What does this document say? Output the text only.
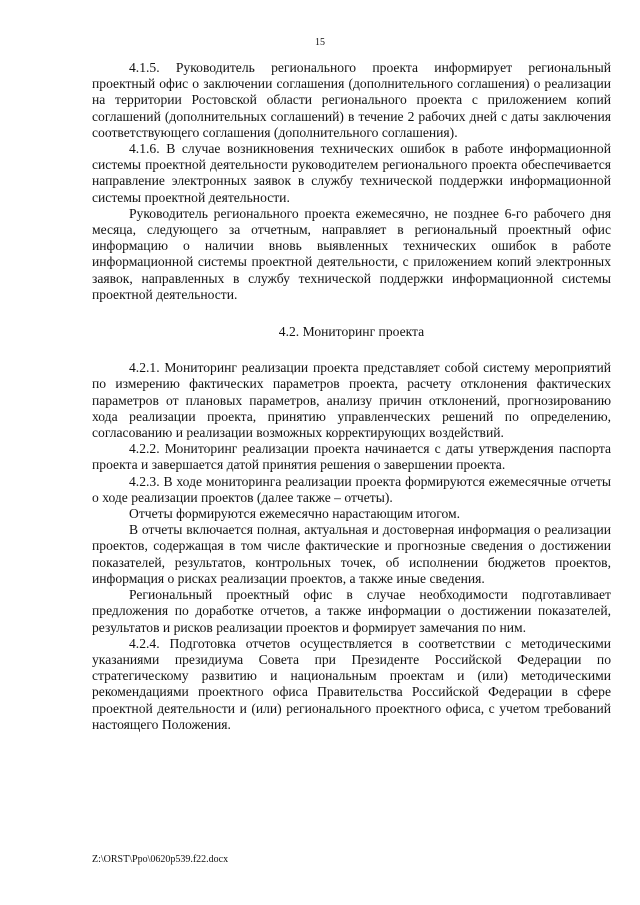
15

4.1.5. Руководитель регионального проекта информирует региональный проектный офис о заключении соглашения (дополнительного соглашения) о реализации на территории Ростовской области регионального проекта с приложением копий соглашений (дополнительных соглашений) в течение 2 рабочих дней с даты заключения соответствующего соглашения (дополнительного соглашения).

4.1.6. В случае возникновения технических ошибок в работе информационной системы проектной деятельности руководителем регионального проекта обеспечивается направление электронных заявок в службу технической поддержки информационной системы проектной деятельности.

Руководитель регионального проекта ежемесячно, не позднее 6-го рабочего дня месяца, следующего за отчетным, направляет в региональный проектный офис информацию о наличии вновь выявленных технических ошибок в работе информационной системы проектной деятельности, с приложением копий электронных заявок, направленных в службу технической поддержки информационной системы проектной деятельности.

4.2. Мониторинг проекта

4.2.1. Мониторинг реализации проекта представляет собой систему мероприятий по измерению фактических параметров проекта, расчету отклонения фактических параметров от плановых параметров, анализу причин отклонений, прогнозированию хода реализации проекта, принятию управленческих решений по определению, согласованию и реализации возможных корректирующих воздействий.

4.2.2. Мониторинг реализации проекта начинается с даты утверждения паспорта проекта и завершается датой принятия решения о завершении проекта.

4.2.3. В ходе мониторинга реализации проекта формируются ежемесячные отчеты о ходе реализации проектов (далее также – отчеты).

Отчеты формируются ежемесячно нарастающим итогом.

В отчеты включается полная, актуальная и достоверная информация о реализации проектов, содержащая в том числе фактические и прогнозные сведения о достижении показателей, результатов, контрольных точек, об исполнении бюджетов проектов, информация о рисках реализации проектов, а также иные сведения.

Региональный проектный офис в случае необходимости подготавливает предложения по доработке отчетов, а также информации о достижении показателей, результатов и рисков реализации проектов и формирует замечания по ним.

4.2.4. Подготовка отчетов осуществляется в соответствии с методическими указаниями президиума Совета при Президенте Российской Федерации по стратегическому развитию и национальным проектам и (или) методическими рекомендациями проектного офиса Правительства Российской Федерации в сфере проектной деятельности и (или) регионального проектного офиса, с учетом требований настоящего Положения.

Z:\ORST\Ppo\0620p539.f22.docx
